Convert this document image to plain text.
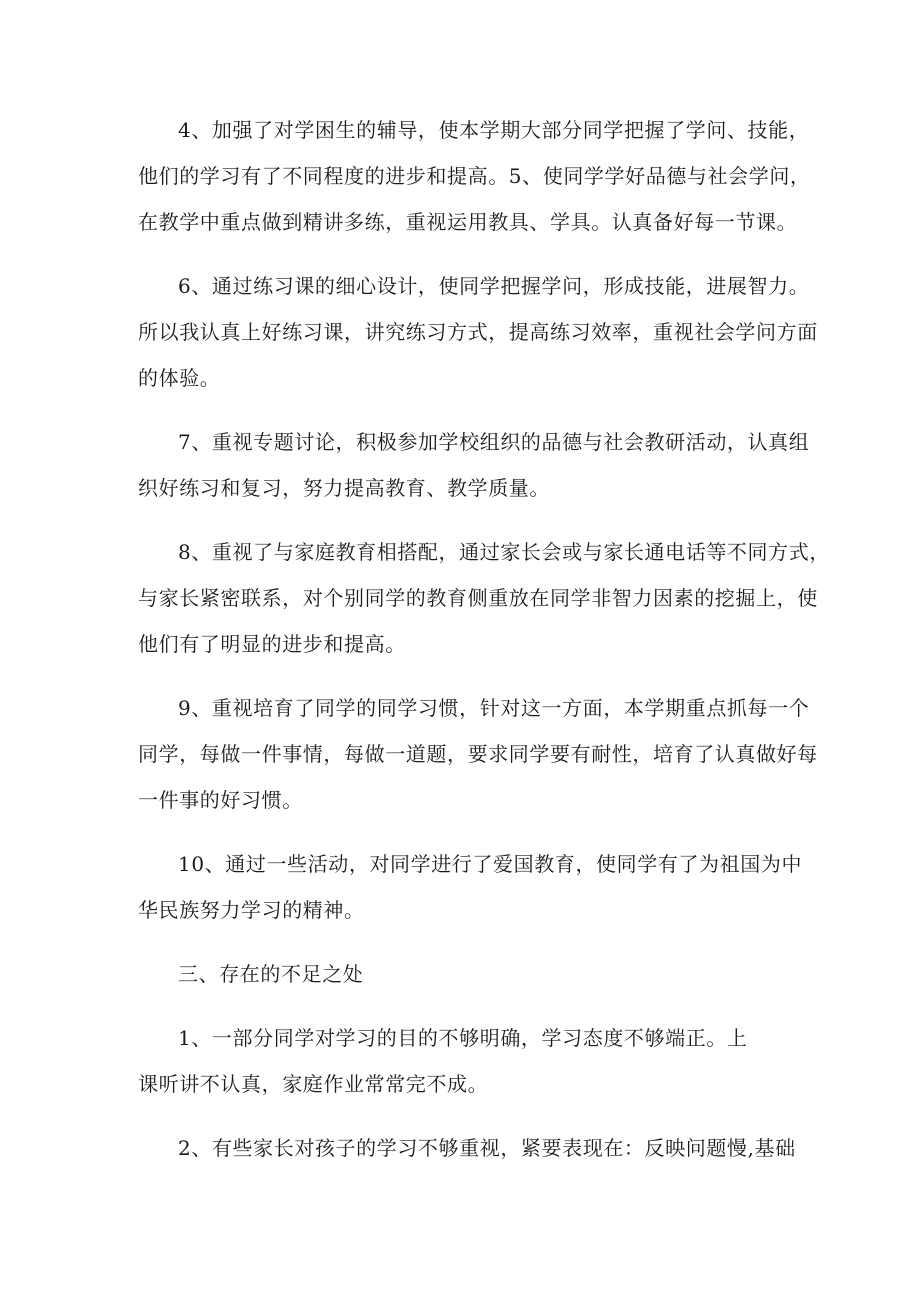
4、加强了对学困生的辅导，使本学期大部分同学把握了学问、技能，
他们的学习有了不同程度的进步和提高。5、使同学学好品德与社会学问，
在教学中重点做到精讲多练，重视运用教具、学具。认真备好每一节课。
6、通过练习课的细心设计，使同学把握学问，形成技能，进展智力。
所以我认真上好练习课，讲究练习方式，提高练习效率，重视社会学问方面
的体验。
7、重视专题讨论，积极参加学校组织的品德与社会教研活动，认真组
织好练习和复习，努力提高教育、教学质量。
8、重视了与家庭教育相搭配，通过家长会或与家长通电话等不同方式，
与家长紧密联系，对个别同学的教育侧重放在同学非智力因素的挖掘上，使
他们有了明显的进步和提高。
9、重视培育了同学的同学习惯，针对这一方面，本学期重点抓每一个
同学，每做一件事情，每做一道题，要求同学要有耐性，培育了认真做好每
一件事的好习惯。
10、通过一些活动，对同学进行了爱国教育，使同学有了为祖国为中
华民族努力学习的精神。
三、存在的不足之处
1、一部分同学对学习的目的不够明确，学习态度不够端正。上
课听讲不认真，家庭作业常常完不成。
2、有些家长对孩子的学习不够重视，紧要表现在：反映问题慢,基础
